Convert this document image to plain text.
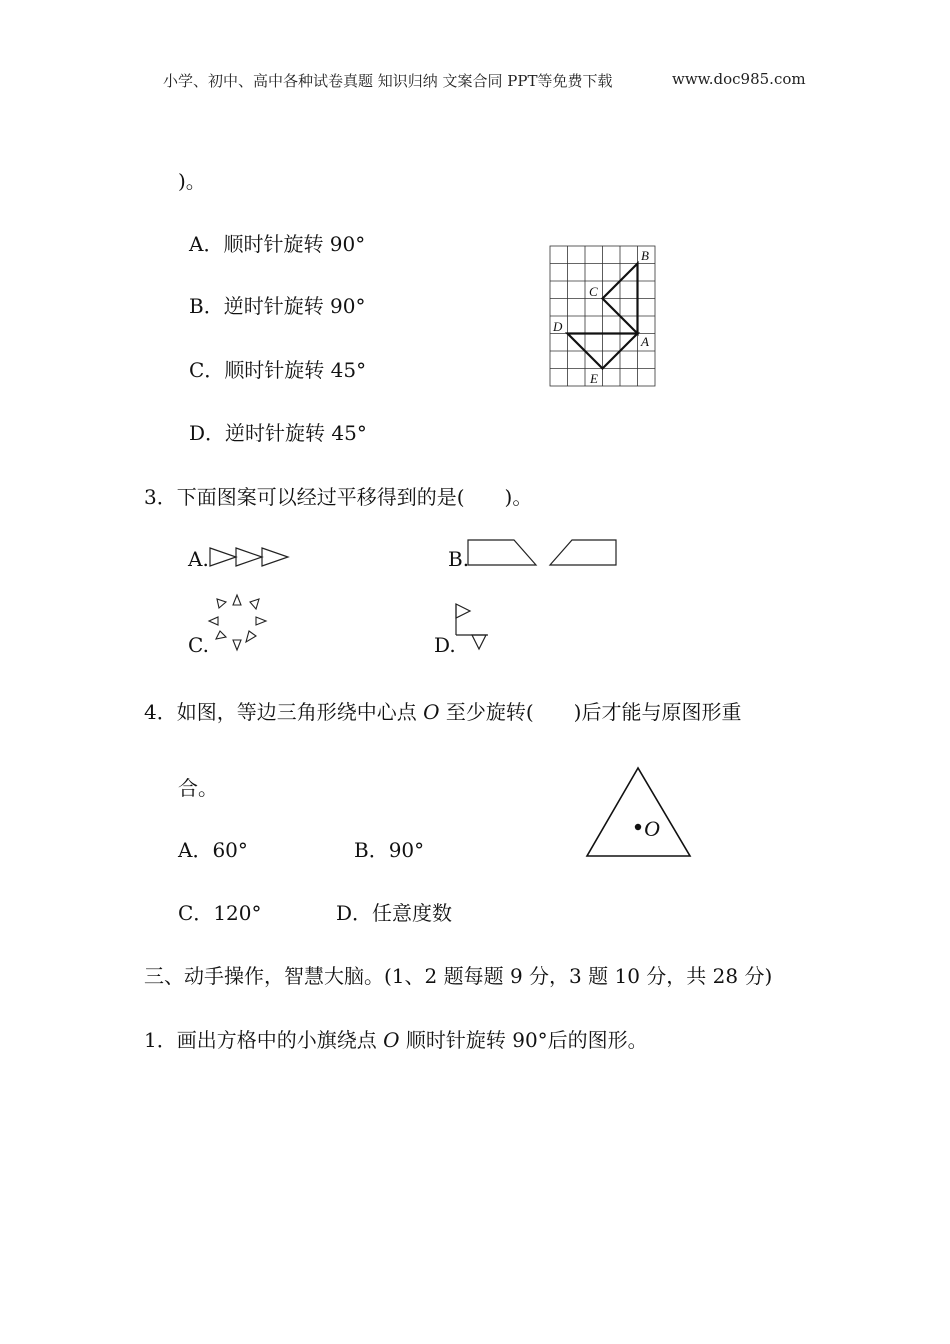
小学、初中、高中各种试卷真题 知识归纳 文案合同 PPT等免费下载	www.doc985.com
)。
A．顺时针旋转 90°
B．逆时针旋转 90°
C．顺时针旋转 45°
D．逆时针旋转 45°
B
C
D
A
E
3．下面图案可以经过平移得到的是(　　)。
A.	B.
C.	D.
4．如图，等边三角形绕中心点 O 至少旋转(　　)后才能与原图形重
合。
A．60°	B．90°
C．120°	D．任意度数
O
三、动手操作，智慧大脑。(1、2 题每题 9 分，3 题 10 分，共 28 分)
1．画出方格中的小旗绕点 O 顺时针旋转 90°后的图形。
